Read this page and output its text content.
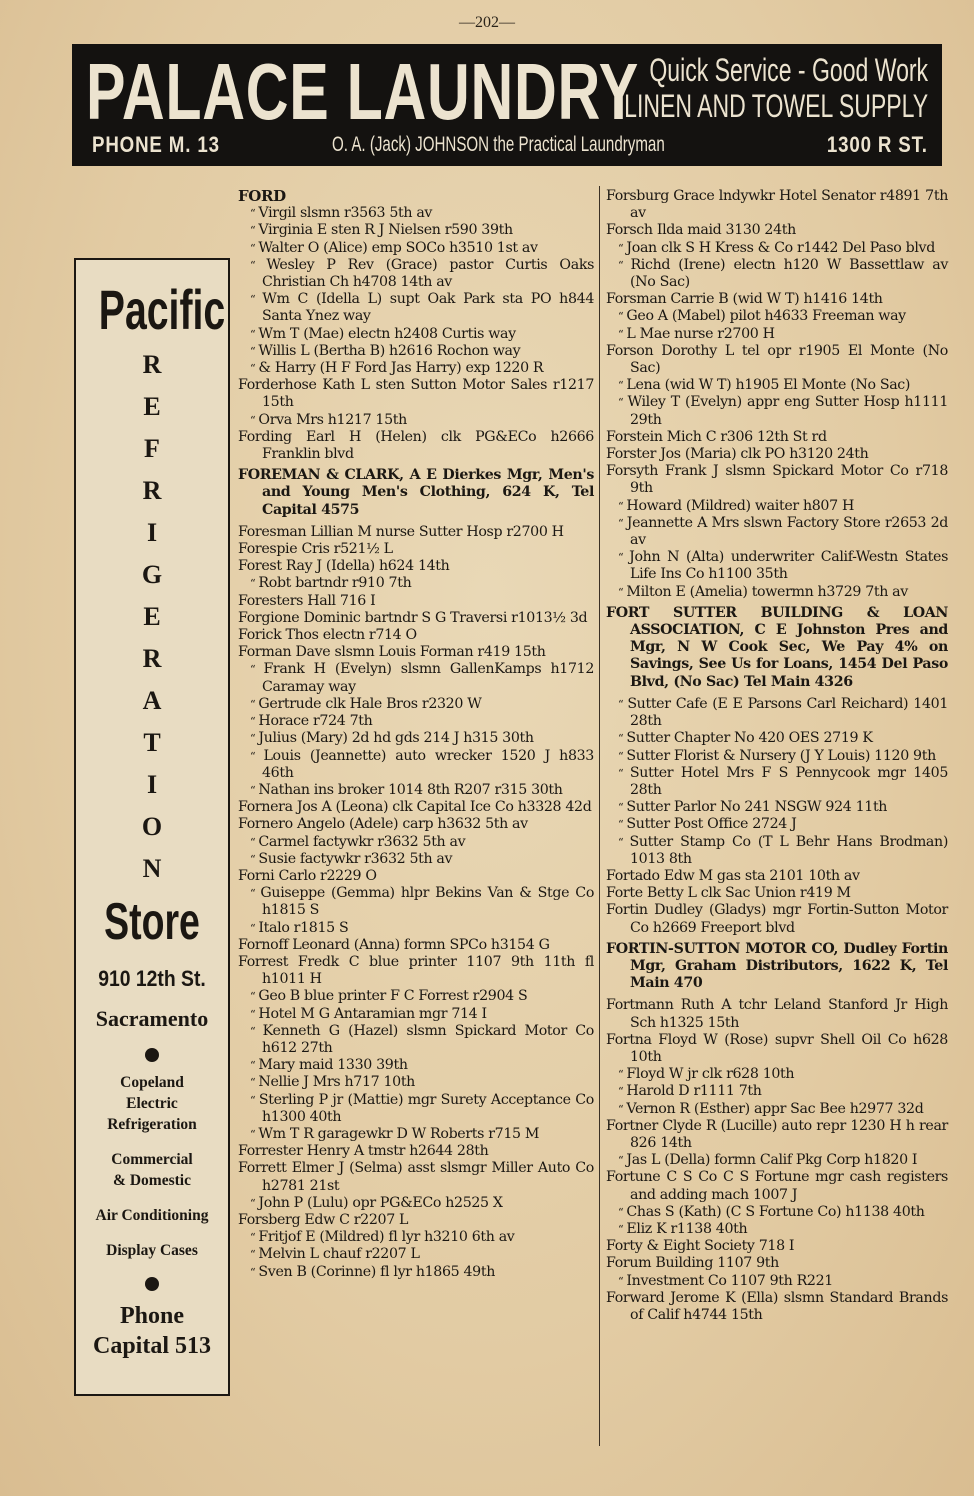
—202—
PALACE LAUNDRY Quick Service - Good Work
LINEN AND TOWEL SUPPLY
PHONE M. 13	O. A. (Jack) JOHNSON the Practical Laundryman	1300 R ST.
Pacific
R
E
F
R
I
G
E
R
A
T
I
O
N
Store
910 12th St.
Sacramento
Copeland
Electric
Refrigeration
Commercial
& Domestic
Air Conditioning
Display Cases
Phone
Capital 513
FORD
“ Virgil slsmn r3563 5th av
“ Virginia E sten R J Nielsen r590 39th
“ Walter O (Alice) emp SOCo h3510 1st av
“ Wesley P Rev (Grace) pastor Curtis Oaks Christian Ch h4708 14th av
“ Wm C (Idella L) supt Oak Park sta PO h844 Santa Ynez way
“ Wm T (Mae) electn h2408 Curtis way
“ Willis L (Bertha B) h2616 Rochon way
“ & Harry (H F Ford Jas Harry) exp 1220 R
Forderhose Kath L sten Sutton Motor Sales r1217 15th
“ Orva Mrs h1217 15th
Fording Earl H (Helen) clk PG&ECo h2666 Franklin blvd
FOREMAN & CLARK, A E Dierkes Mgr, Men's and Young Men's Clothing, 624 K, Tel Capital 4575
Foresman Lillian M nurse Sutter Hosp r2700 H
Forespie Cris r521½ L
Forest Ray J (Idella) h624 14th
“ Robt bartndr r910 7th
Foresters Hall 716 I
Forgione Dominic bartndr S G Traversi r1013½ 3d
Forick Thos electn r714 O
Forman Dave slsmn Louis Forman r419 15th
“ Frank H (Evelyn) slsmn GallenKamps h1712 Caramay way
“ Gertrude clk Hale Bros r2320 W
“ Horace r724 7th
“ Julius (Mary) 2d hd gds 214 J h315 30th
“ Louis (Jeannette) auto wrecker 1520 J h833 46th
“ Nathan ins broker 1014 8th R207 r315 30th
Fornera Jos A (Leona) clk Capital Ice Co h3328 42d
Fornero Angelo (Adele) carp h3632 5th av
“ Carmel factywkr r3632 5th av
“ Susie factywkr r3632 5th av
Forni Carlo r2229 O
“ Guiseppe (Gemma) hlpr Bekins Van & Stge Co h1815 S
“ Italo r1815 S
Fornoff Leonard (Anna) formn SPCo h3154 G
Forrest Fredk C blue printer 1107 9th 11th fl h1011 H
“ Geo B blue printer F C Forrest r2904 S
“ Hotel M G Antaramian mgr 714 I
“ Kenneth G (Hazel) slsmn Spickard Motor Co h612 27th
“ Mary maid 1330 39th
“ Nellie J Mrs h717 10th
“ Sterling P jr (Mattie) mgr Surety Acceptance Co h1300 40th
“ Wm T R garagewkr D W Roberts r715 M
Forrester Henry A tmstr h2644 28th
Forrett Elmer J (Selma) asst slsmgr Miller Auto Co h2781 21st
“ John P (Lulu) opr PG&ECo h2525 X
Forsberg Edw C r2207 L
“ Fritjof E (Mildred) fl lyr h3210 6th av
“ Melvin L chauf r2207 L
“ Sven B (Corinne) fl lyr h1865 49th
Forsburg Grace lndywkr Hotel Senator r4891 7th av
Forsch Ilda maid 3130 24th
“ Joan clk S H Kress & Co r1442 Del Paso blvd
“ Richd (Irene) electn h120 W Bassettlaw av (No Sac)
Forsman Carrie B (wid W T) h1416 14th
“ Geo A (Mabel) pilot h4633 Freeman way
“ L Mae nurse r2700 H
Forson Dorothy L tel opr r1905 El Monte (No Sac)
“ Lena (wid W T) h1905 El Monte (No Sac)
“ Wiley T (Evelyn) appr eng Sutter Hosp h1111 29th
Forstein Mich C r306 12th St rd
Forster Jos (Maria) clk PO h3120 24th
Forsyth Frank J slsmn Spickard Motor Co r718 9th
“ Howard (Mildred) waiter h807 H
“ Jeannette A Mrs slswn Factory Store r2653 2d av
“ John N (Alta) underwriter Calif-Westn States Life Ins Co h1100 35th
“ Milton E (Amelia) towermn h3729 7th av
FORT SUTTER BUILDING & LOAN ASSOCIATION, C E Johnston Pres and Mgr, N W Cook Sec, We Pay 4% on Savings, See Us for Loans, 1454 Del Paso Blvd, (No Sac) Tel Main 4326
“ Sutter Cafe (E E Parsons Carl Reichard) 1401 28th
“ Sutter Chapter No 420 OES 2719 K
“ Sutter Florist & Nursery (J Y Louis) 1120 9th
“ Sutter Hotel Mrs F S Pennycook mgr 1405 28th
“ Sutter Parlor No 241 NSGW 924 11th
“ Sutter Post Office 2724 J
“ Sutter Stamp Co (T L Behr Hans Brodman) 1013 8th
Fortado Edw M gas sta 2101 10th av
Forte Betty L clk Sac Union r419 M
Fortin Dudley (Gladys) mgr Fortin-Sutton Motor Co h2669 Freeport blvd
FORTIN-SUTTON MOTOR CO, Dudley Fortin Mgr, Graham Distributors, 1622 K, Tel Main 470
Fortmann Ruth A tchr Leland Stanford Jr High Sch h1325 15th
Fortna Floyd W (Rose) supvr Shell Oil Co h628 10th
“ Floyd W jr clk r628 10th
“ Harold D r1111 7th
“ Vernon R (Esther) appr Sac Bee h2977 32d
Fortner Clyde R (Lucille) auto repr 1230 H h rear 826 14th
“ Jas L (Della) formn Calif Pkg Corp h1820 I
Fortune C S Co C S Fortune mgr cash registers and adding mach 1007 J
“ Chas S (Kath) (C S Fortune Co) h1138 40th
“ Eliz K r1138 40th
Forty & Eight Society 718 I
Forum Building 1107 9th
“ Investment Co 1107 9th R221
Forward Jerome K (Ella) slsmn Standard Brands of Calif h4744 15th
